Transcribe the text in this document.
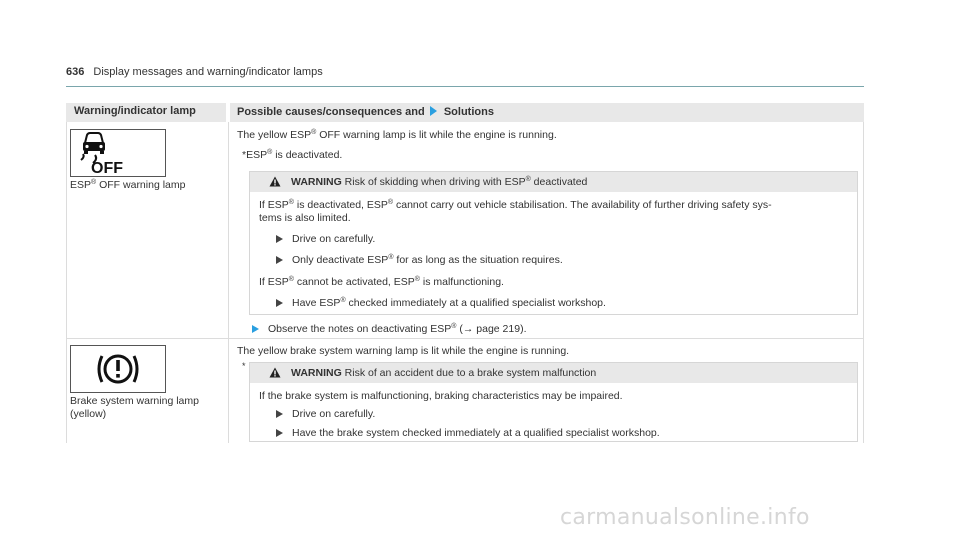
636 Display messages and warning/indicator lamps
Warning/indicator lamp	Possible causes/consequences and Solutions
OFF
ESP® OFF warning lamp
The yellow ESP® OFF warning lamp is lit while the engine is running.
*ESP® is deactivated.
WARNING Risk of skidding when driving with ESP® deactivated
If ESP® is deactivated, ESP® cannot carry out vehicle stabilisation. The availability of further driving safety sys-
tems is also limited.
Drive on carefully.
Only deactivate ESP® for as long as the situation requires.
If ESP® cannot be activated, ESP® is malfunctioning.
Have ESP® checked immediately at a qualified specialist workshop.
Observe the notes on deactivating ESP® (→ page 219).
Brake system warning lamp
(yellow)
The yellow brake system warning lamp is lit while the engine is running.
*
WARNING Risk of an accident due to a brake system malfunction
If the brake system is malfunctioning, braking characteristics may be impaired.
Drive on carefully.
Have the brake system checked immediately at a qualified specialist workshop.
carmanualsonline.info
